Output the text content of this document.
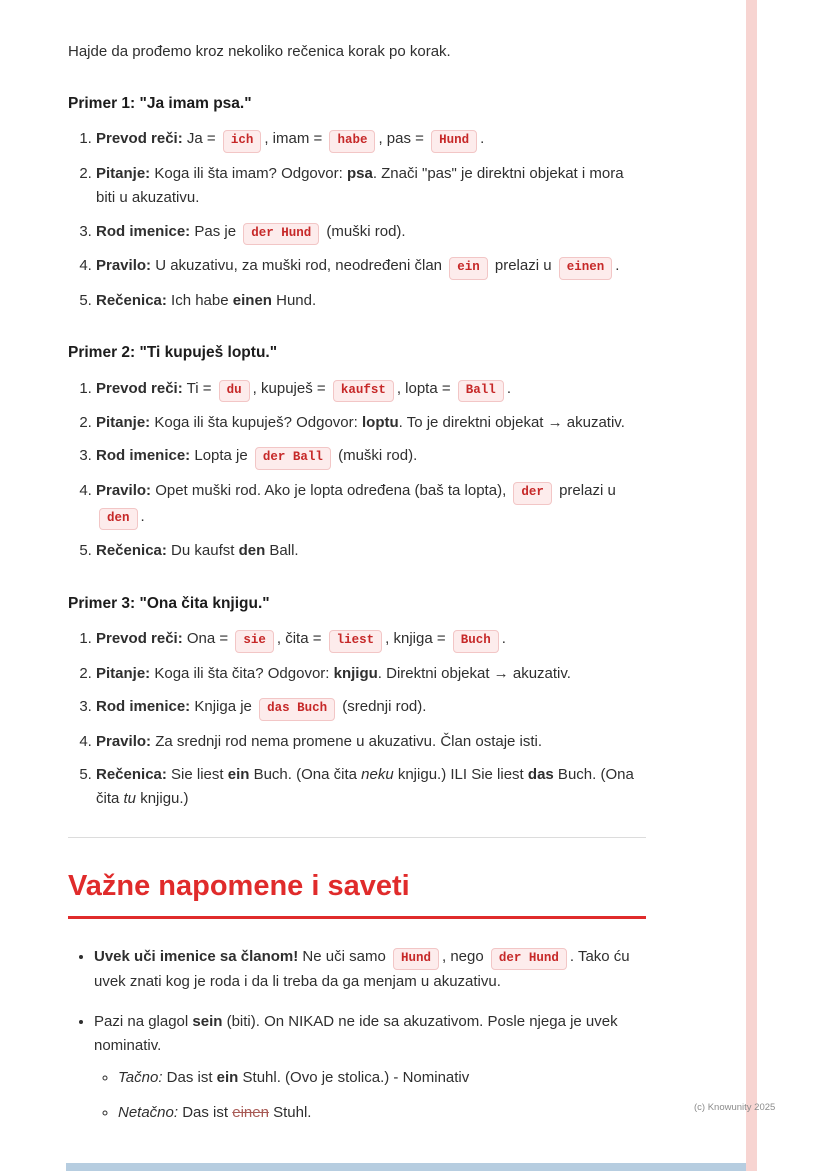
Hajde da prođemo kroz nekoliko rečenica korak po korak.

Primer 1: "Ja imam psa."
1. Prevod reči: Ja = ich , imam = habe , pas = Hund .
2. Pitanje: Koga ili šta imam? Odgovor: psa. Znači "pas" je direktni objekat i mora biti u akuzativu.
3. Rod imenice: Pas je der Hund (muški rod).
4. Pravilo: U akuzativu, za muški rod, neodređeni član ein prelazi u einen .
5. Rečenica: Ich habe einen Hund.
Primer 2: "Ti kupuješ loptu."
1. Prevod reči: Ti = du , kupuješ = kaufst , lopta = Ball .
2. Pitanje: Koga ili šta kupuješ? Odgovor: loptu. To je direktni objekat → akuzativ.
3. Rod imenice: Lopta je der Ball (muški rod).
4. Pravilo: Opet muški rod. Ako je lopta određena (baš ta lopta), der prelazi u den .
5. Rečenica: Du kaufst den Ball.
Primer 3: "Ona čita knjigu."
1. Prevod reči: Ona = sie , čita = liest , knjiga = Buch .
2. Pitanje: Koga ili šta čita? Odgovor: knjigu. Direktni objekat → akuzativ.
3. Rod imenice: Knjiga je das Buch (srednji rod).
4. Pravilo: Za srednji rod nema promene u akuzativu. Član ostaje isti.
5. Rečenica: Sie liest ein Buch. (Ona čita neku knjigu.) ILI Sie liest das Buch. (Ona čita tu knjigu.)
Važne napomene i saveti
• Uvek uči imenice sa članom! Ne uči samo Hund , nego der Hund . Tako ću uvek znati kog je roda i da li treba da ga menjam u akuzativu.
• Pazi na glagol sein (biti). On NIKAD ne ide sa akuzativom. Posle njega je uvek nominativ.
◦ Tačno: Das ist ein Stuhl. (Ovo je stolica.) - Nominativ
◦ Netačno: Das ist einen Stuhl.	(c) Knowunity 2025
